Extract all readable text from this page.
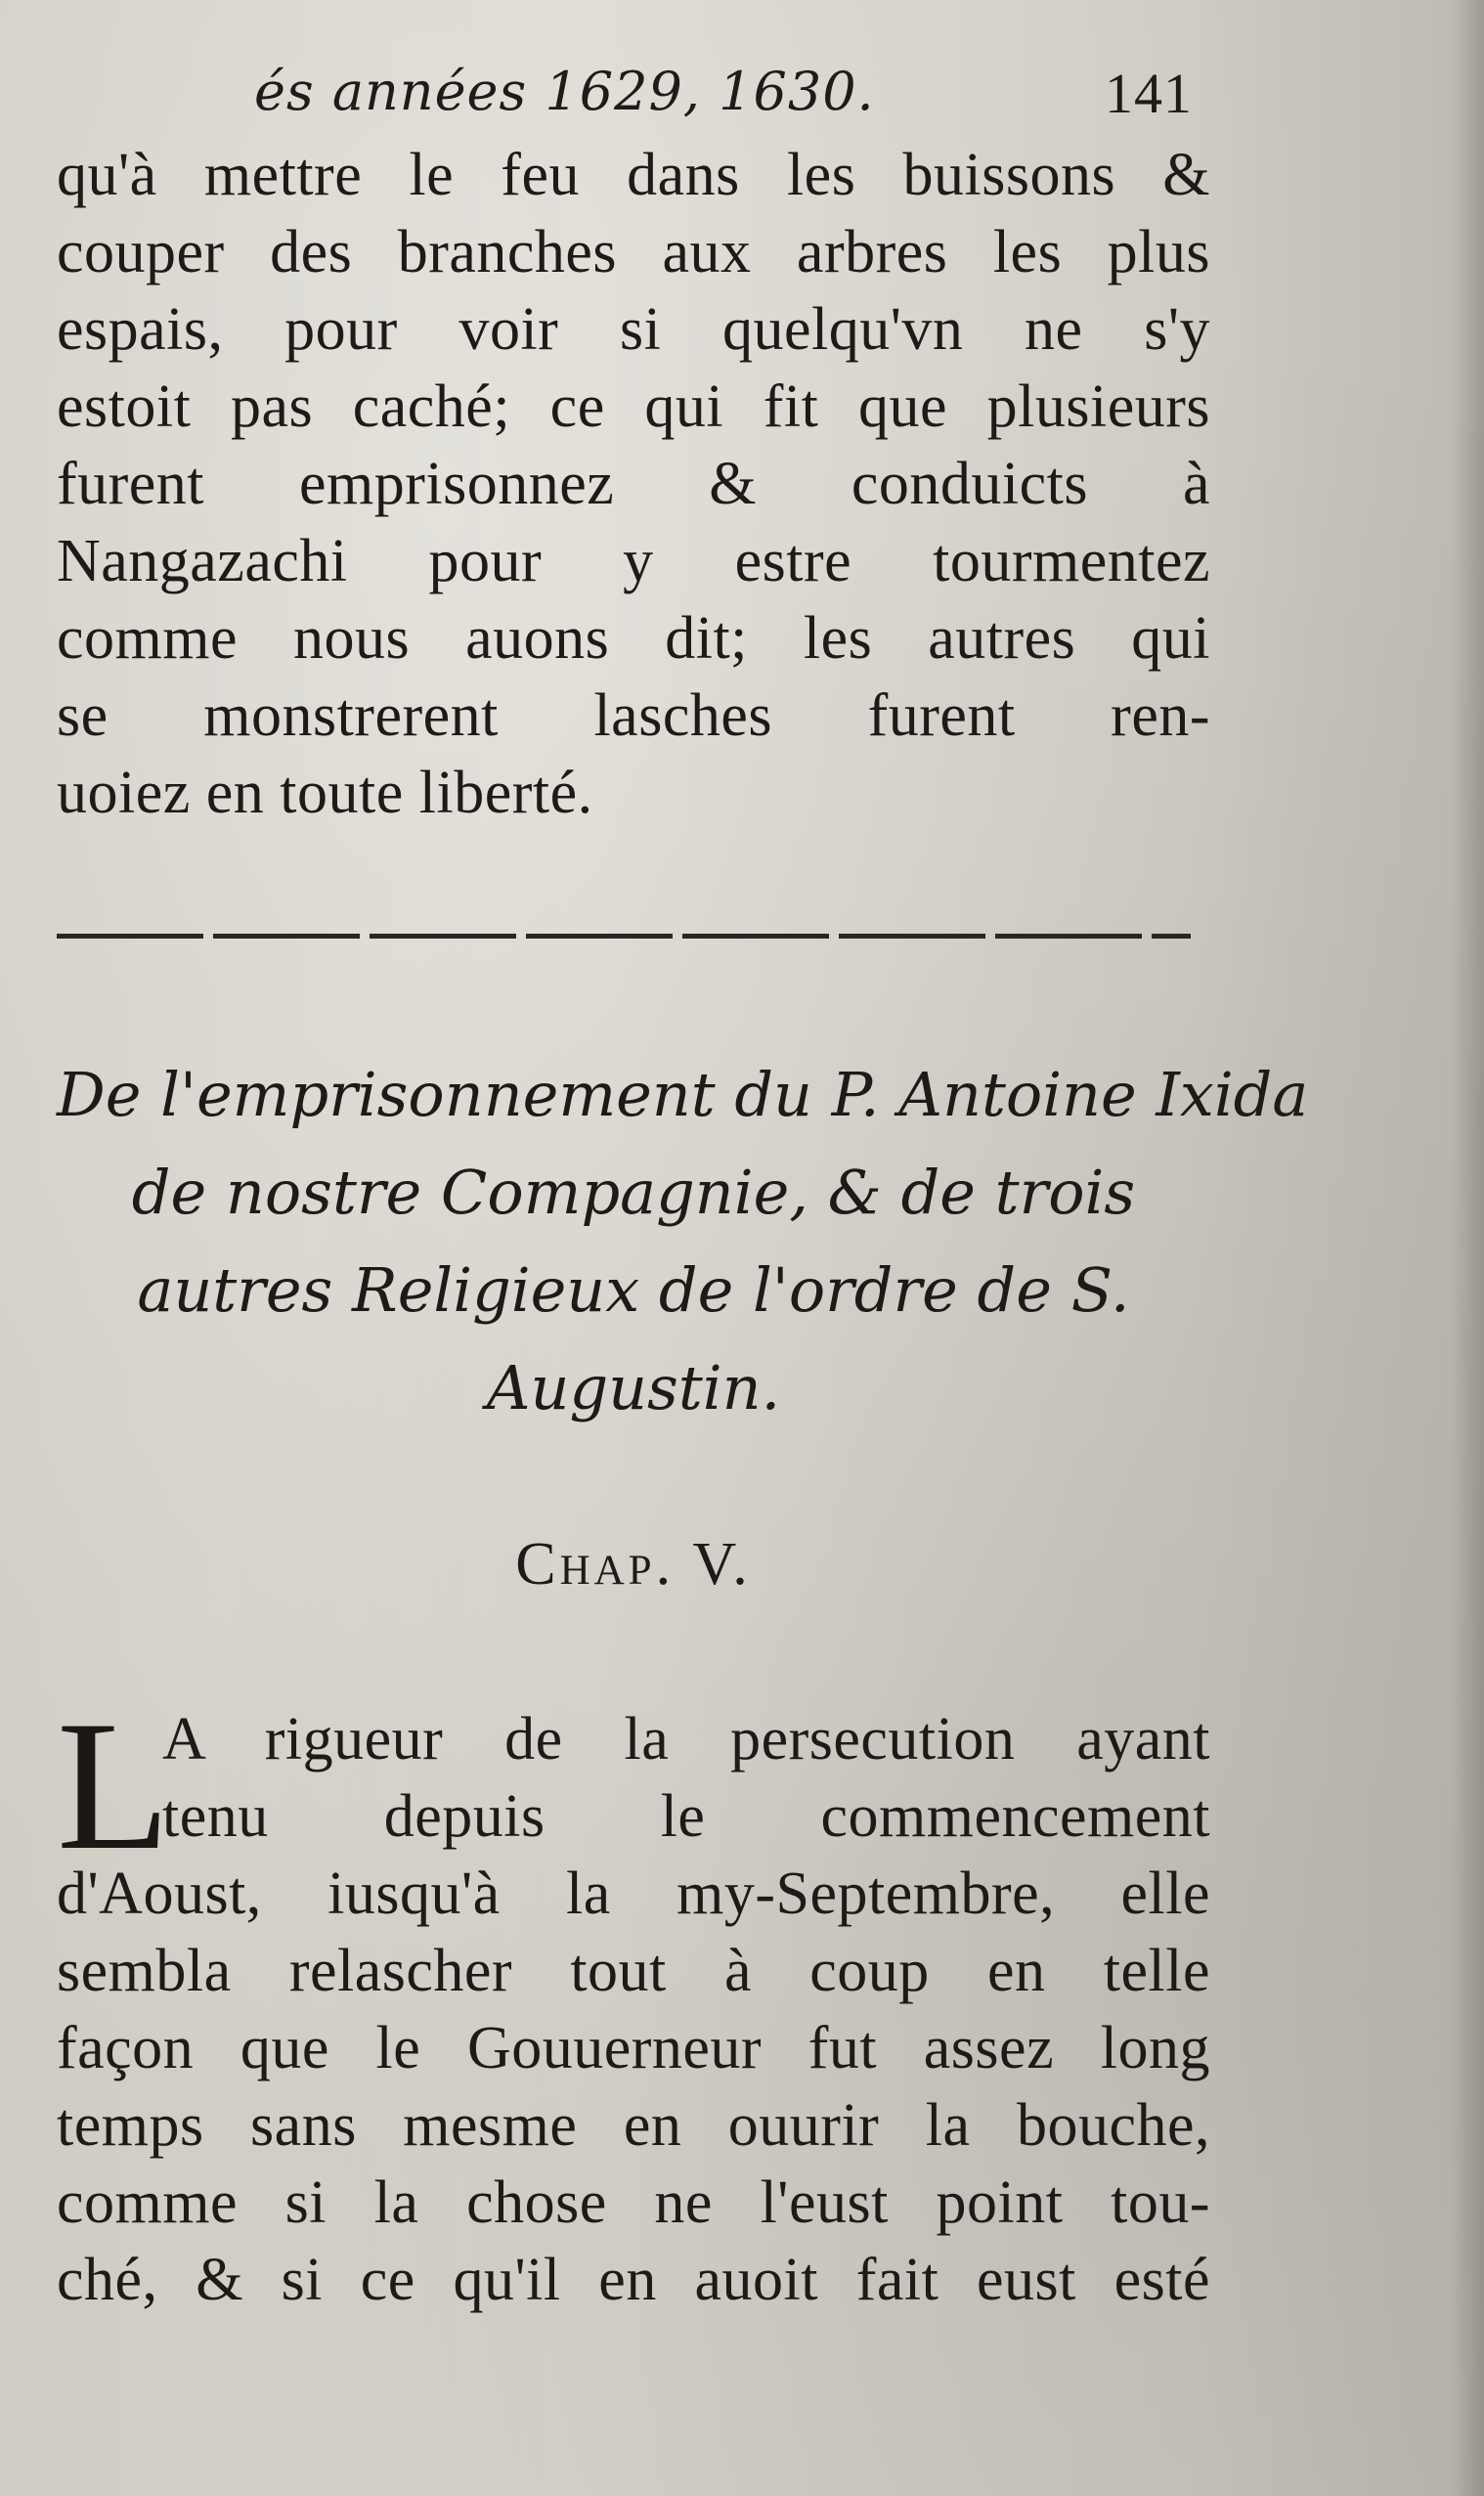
és années 1629, 1630.	141
qu'à mettre le feu dans les buissons &
couper des branches aux arbres les plus
espais, pour voir si quelqu'vn ne s'y
estoit pas caché; ce qui fit que plusieurs
furent emprisonnez & conduicts à
Nangazachi pour y estre tourmentez
comme nous auons dit; les autres qui
se monstrerent lasches furent ren-
uoiez en toute liberté.
De l'emprisonnement du P. Antoine Ixida
de nostre Compagnie, & de trois
autres Religieux de l'ordre de S.
Augustin.
Chap. V.
L
A rigueur de la persecution ayant
tenu depuis le commencement
d'Aoust, iusqu'à la my-Septembre, elle
sembla relascher tout à coup en telle
façon que le Gouuerneur fut assez long
temps sans mesme en ouurir la bouche,
comme si la chose ne l'eust point tou-
ché, & si ce qu'il en auoit fait eust esté
